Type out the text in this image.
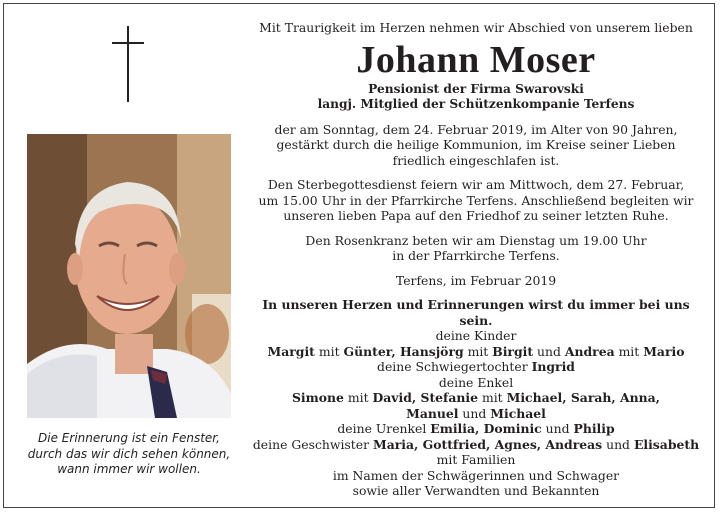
Die Erinnerung ist ein Fenster,
durch das wir dich sehen können,
wann immer wir wollen.

Mit Traurigkeit im Herzen nehmen wir Abschied von unserem lieben

Johann Moser

Pensionist der Firma Swarovski

langj. Mitglied der Schützenkompanie Terfens

der am Sonntag, dem 24. Februar 2019, im Alter von 90 Jahren,

gestärkt durch die heilige Kommunion, im Kreise seiner Lieben

friedlich eingeschlafen ist.

Den Sterbegottesdienst feiern wir am Mittwoch, dem 27. Februar,

um 15.00 Uhr in der Pfarrkirche Terfens. Anschließend begleiten wir

unseren lieben Papa auf den Friedhof zu seiner letzten Ruhe.

Den Rosenkranz beten wir am Dienstag um 19.00 Uhr

in der Pfarrkirche Terfens.

Terfens, im Februar 2019

In unseren Herzen und Erinnerungen wirst du immer bei uns sein.

deine Kinder

Margit mit Günter, Hansjörg mit Birgit und Andrea mit Mario

deine Schwiegertochter Ingrid

deine Enkel

Simone mit David, Stefanie mit Michael, Sarah, Anna,

Manuel und Michael

deine Urenkel Emilia, Dominic und Philip

deine Geschwister Maria, Gottfried, Agnes, Andreas und Elisabeth

mit Familien

im Namen der Schwägerinnen und Schwager

sowie aller Verwandten und Bekannten
